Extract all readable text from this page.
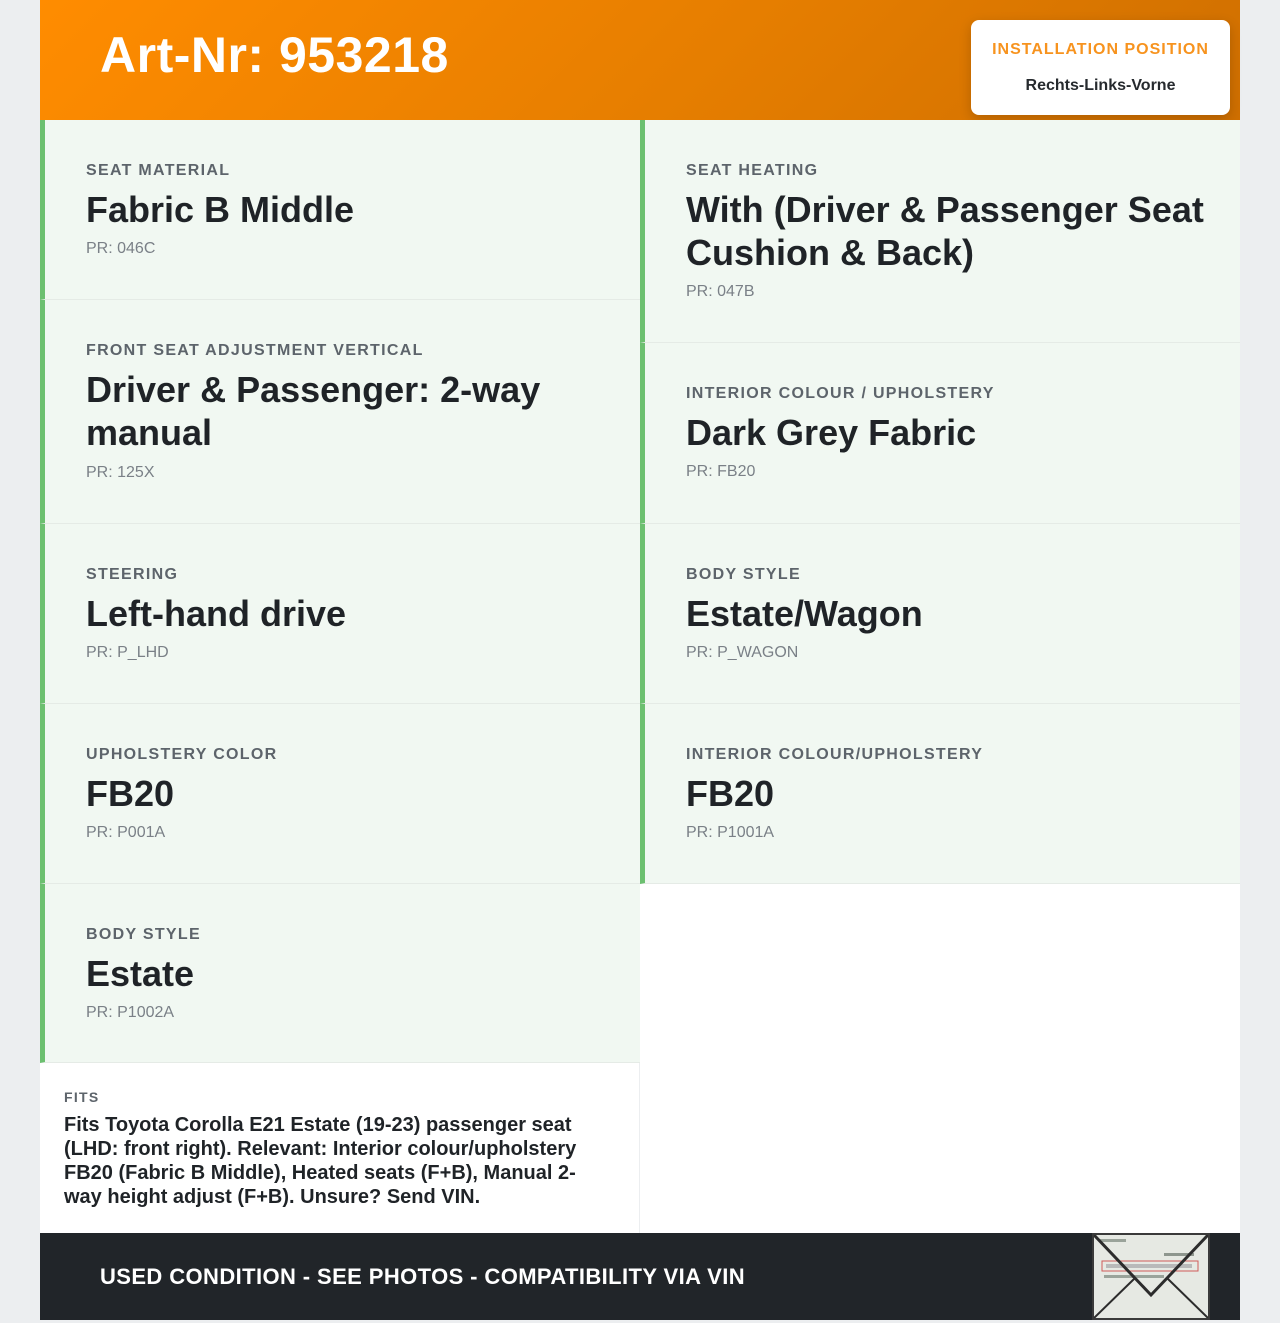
Art-Nr: 953218	INSTALLATION POSITION
Rechts-Links-Vorne
SEAT MATERIAL
Fabric B Middle
PR: 046C
FRONT SEAT ADJUSTMENT VERTICAL
Driver & Passenger: 2-way manual
PR: 125X
STEERING
Left-hand drive
PR: P_LHD
UPHOLSTERY COLOR
FB20
PR: P001A
BODY STYLE
Estate
PR: P1002A
SEAT HEATING
With (Driver & Passenger Seat Cushion & Back)
PR: 047B
INTERIOR COLOUR / UPHOLSTERY
Dark Grey Fabric
PR: FB20
BODY STYLE
Estate/Wagon
PR: P_WAGON
INTERIOR COLOUR/UPHOLSTERY
FB20
PR: P1001A
FITS
Fits Toyota Corolla E21 Estate (19-23) passenger seat (LHD: front right). Relevant: Interior colour/upholstery FB20 (Fabric B Middle), Heated seats (F+B), Manual 2-way height adjust (F+B). Unsure? Send VIN.
USED CONDITION - SEE PHOTOS - COMPATIBILITY VIA VIN
